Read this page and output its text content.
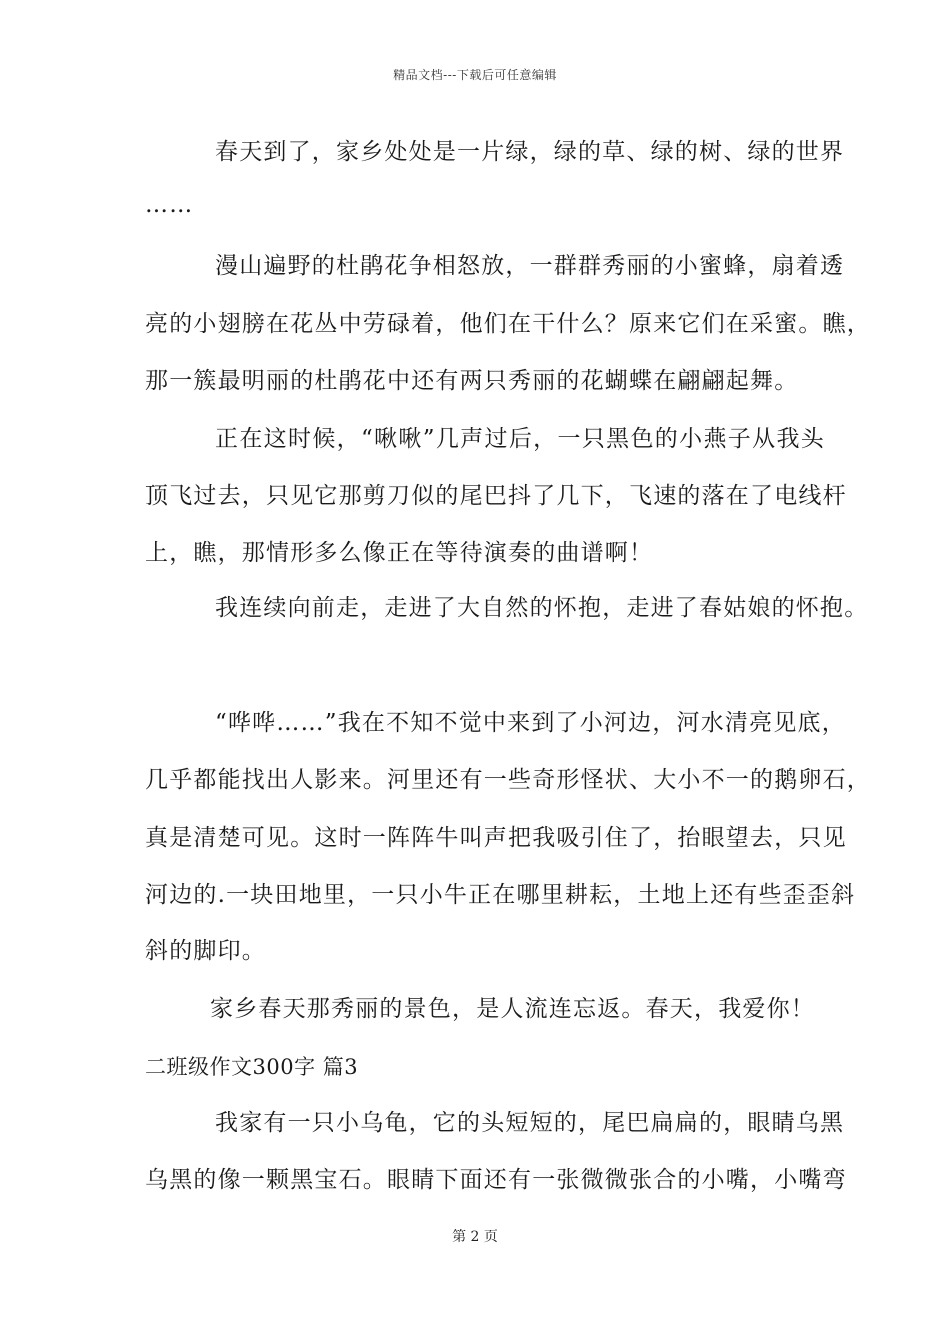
精品文档---下载后可任意编辑
春天到了，家乡处处是一片绿，绿的草、绿的树、绿的世界
……
漫山遍野的杜鹃花争相怒放，一群群秀丽的小蜜蜂，扇着透
亮的小翅膀在花丛中劳碌着，他们在干什么？原来它们在采蜜。瞧，
那一簇最明丽的杜鹃花中还有两只秀丽的花蝴蝶在翩翩起舞。
正在这时候，“啾啾”几声过后，一只黑色的小燕子从我头
顶飞过去，只见它那剪刀似的尾巴抖了几下，飞速的落在了电线杆
上，瞧，那情形多么像正在等待演奏的曲谱啊！
我连续向前走，走进了大自然的怀抱，走进了春姑娘的怀抱。
“哗哗……”我在不知不觉中来到了小河边，河水清亮见底，
几乎都能找出人影来。河里还有一些奇形怪状、大小不一的鹅卵石，
真是清楚可见。这时一阵阵牛叫声把我吸引住了，抬眼望去，只见
河边的.一块田地里，一只小牛正在哪里耕耘，土地上还有些歪歪斜
斜的脚印。
家乡春天那秀丽的景色，是人流连忘返。春天，我爱你！
二班级作文300字 篇3
我家有一只小乌龟，它的头短短的，尾巴扁扁的，眼睛乌黑
乌黑的像一颗黑宝石。眼睛下面还有一张微微张合的小嘴，小嘴弯
第 2 页
